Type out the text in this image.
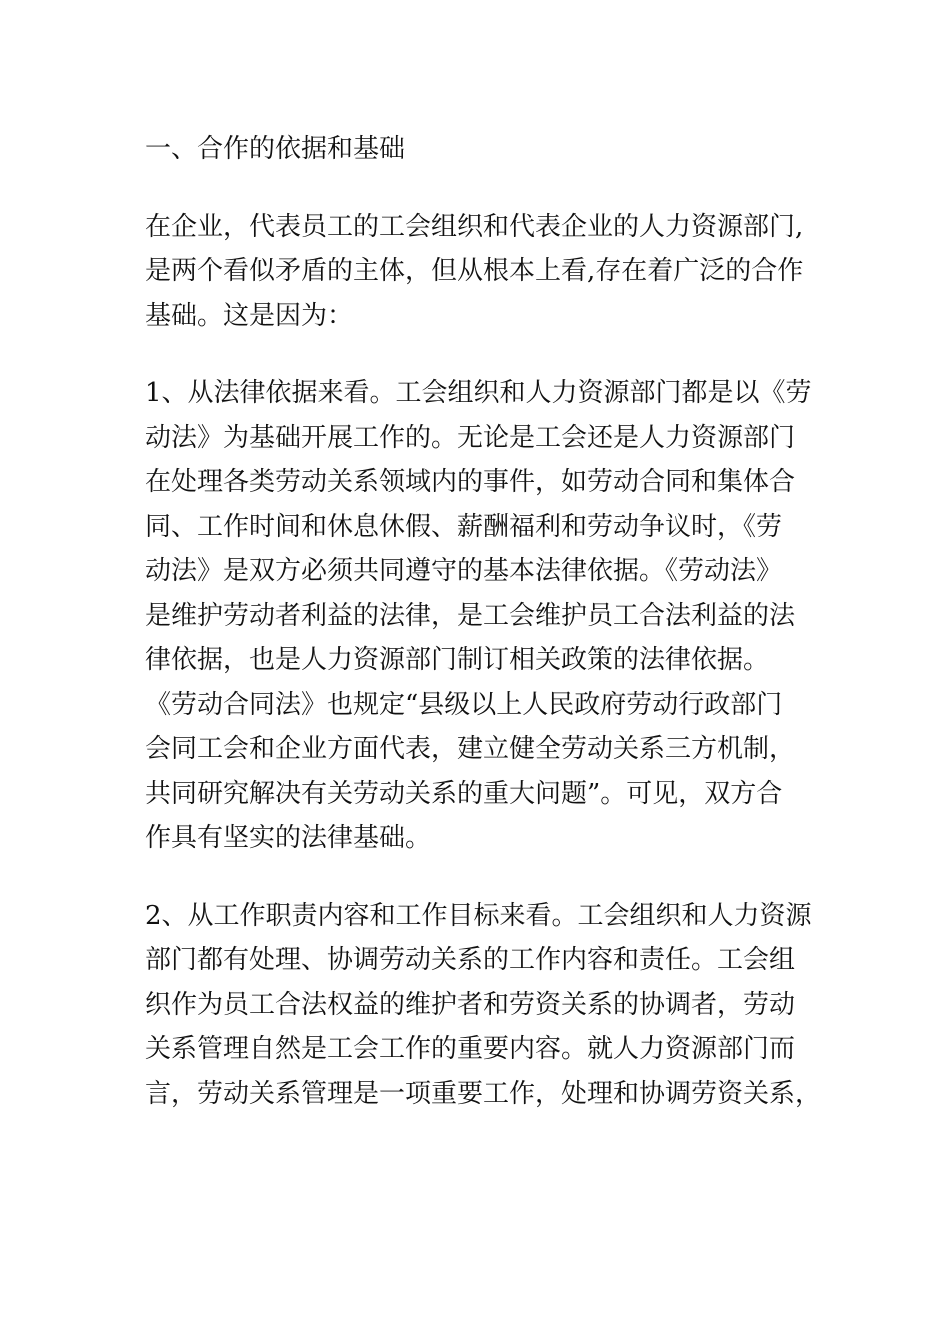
一、合作的依据和基础

在企业，代表员工的工会组织和代表企业的人力资源部门,
是两个看似矛盾的主体，但从根本上看,存在着广泛的合作
基础。这是因为：

1、从法律依据来看。工会组织和人力资源部门都是以《劳
动法》为基础开展工作的。无论是工会还是人力资源部门
在处理各类劳动关系领域内的事件，如劳动合同和集体合
同、工作时间和休息休假、薪酬福利和劳动争议时，《劳
动法》是双方必须共同遵守的基本法律依据。《劳动法》
是维护劳动者利益的法律，是工会维护员工合法利益的法
律依据，也是人力资源部门制订相关政策的法律依据。
《劳动合同法》也规定“县级以上人民政府劳动行政部门
会同工会和企业方面代表，建立健全劳动关系三方机制，
共同研究解决有关劳动关系的重大问题”。可见，双方合
作具有坚实的法律基础。

2、从工作职责内容和工作目标来看。工会组织和人力资源
部门都有处理、协调劳动关系的工作内容和责任。工会组
织作为员工合法权益的维护者和劳资关系的协调者，劳动
关系管理自然是工会工作的重要内容。就人力资源部门而
言，劳动关系管理是一项重要工作，处理和协调劳资关系，
